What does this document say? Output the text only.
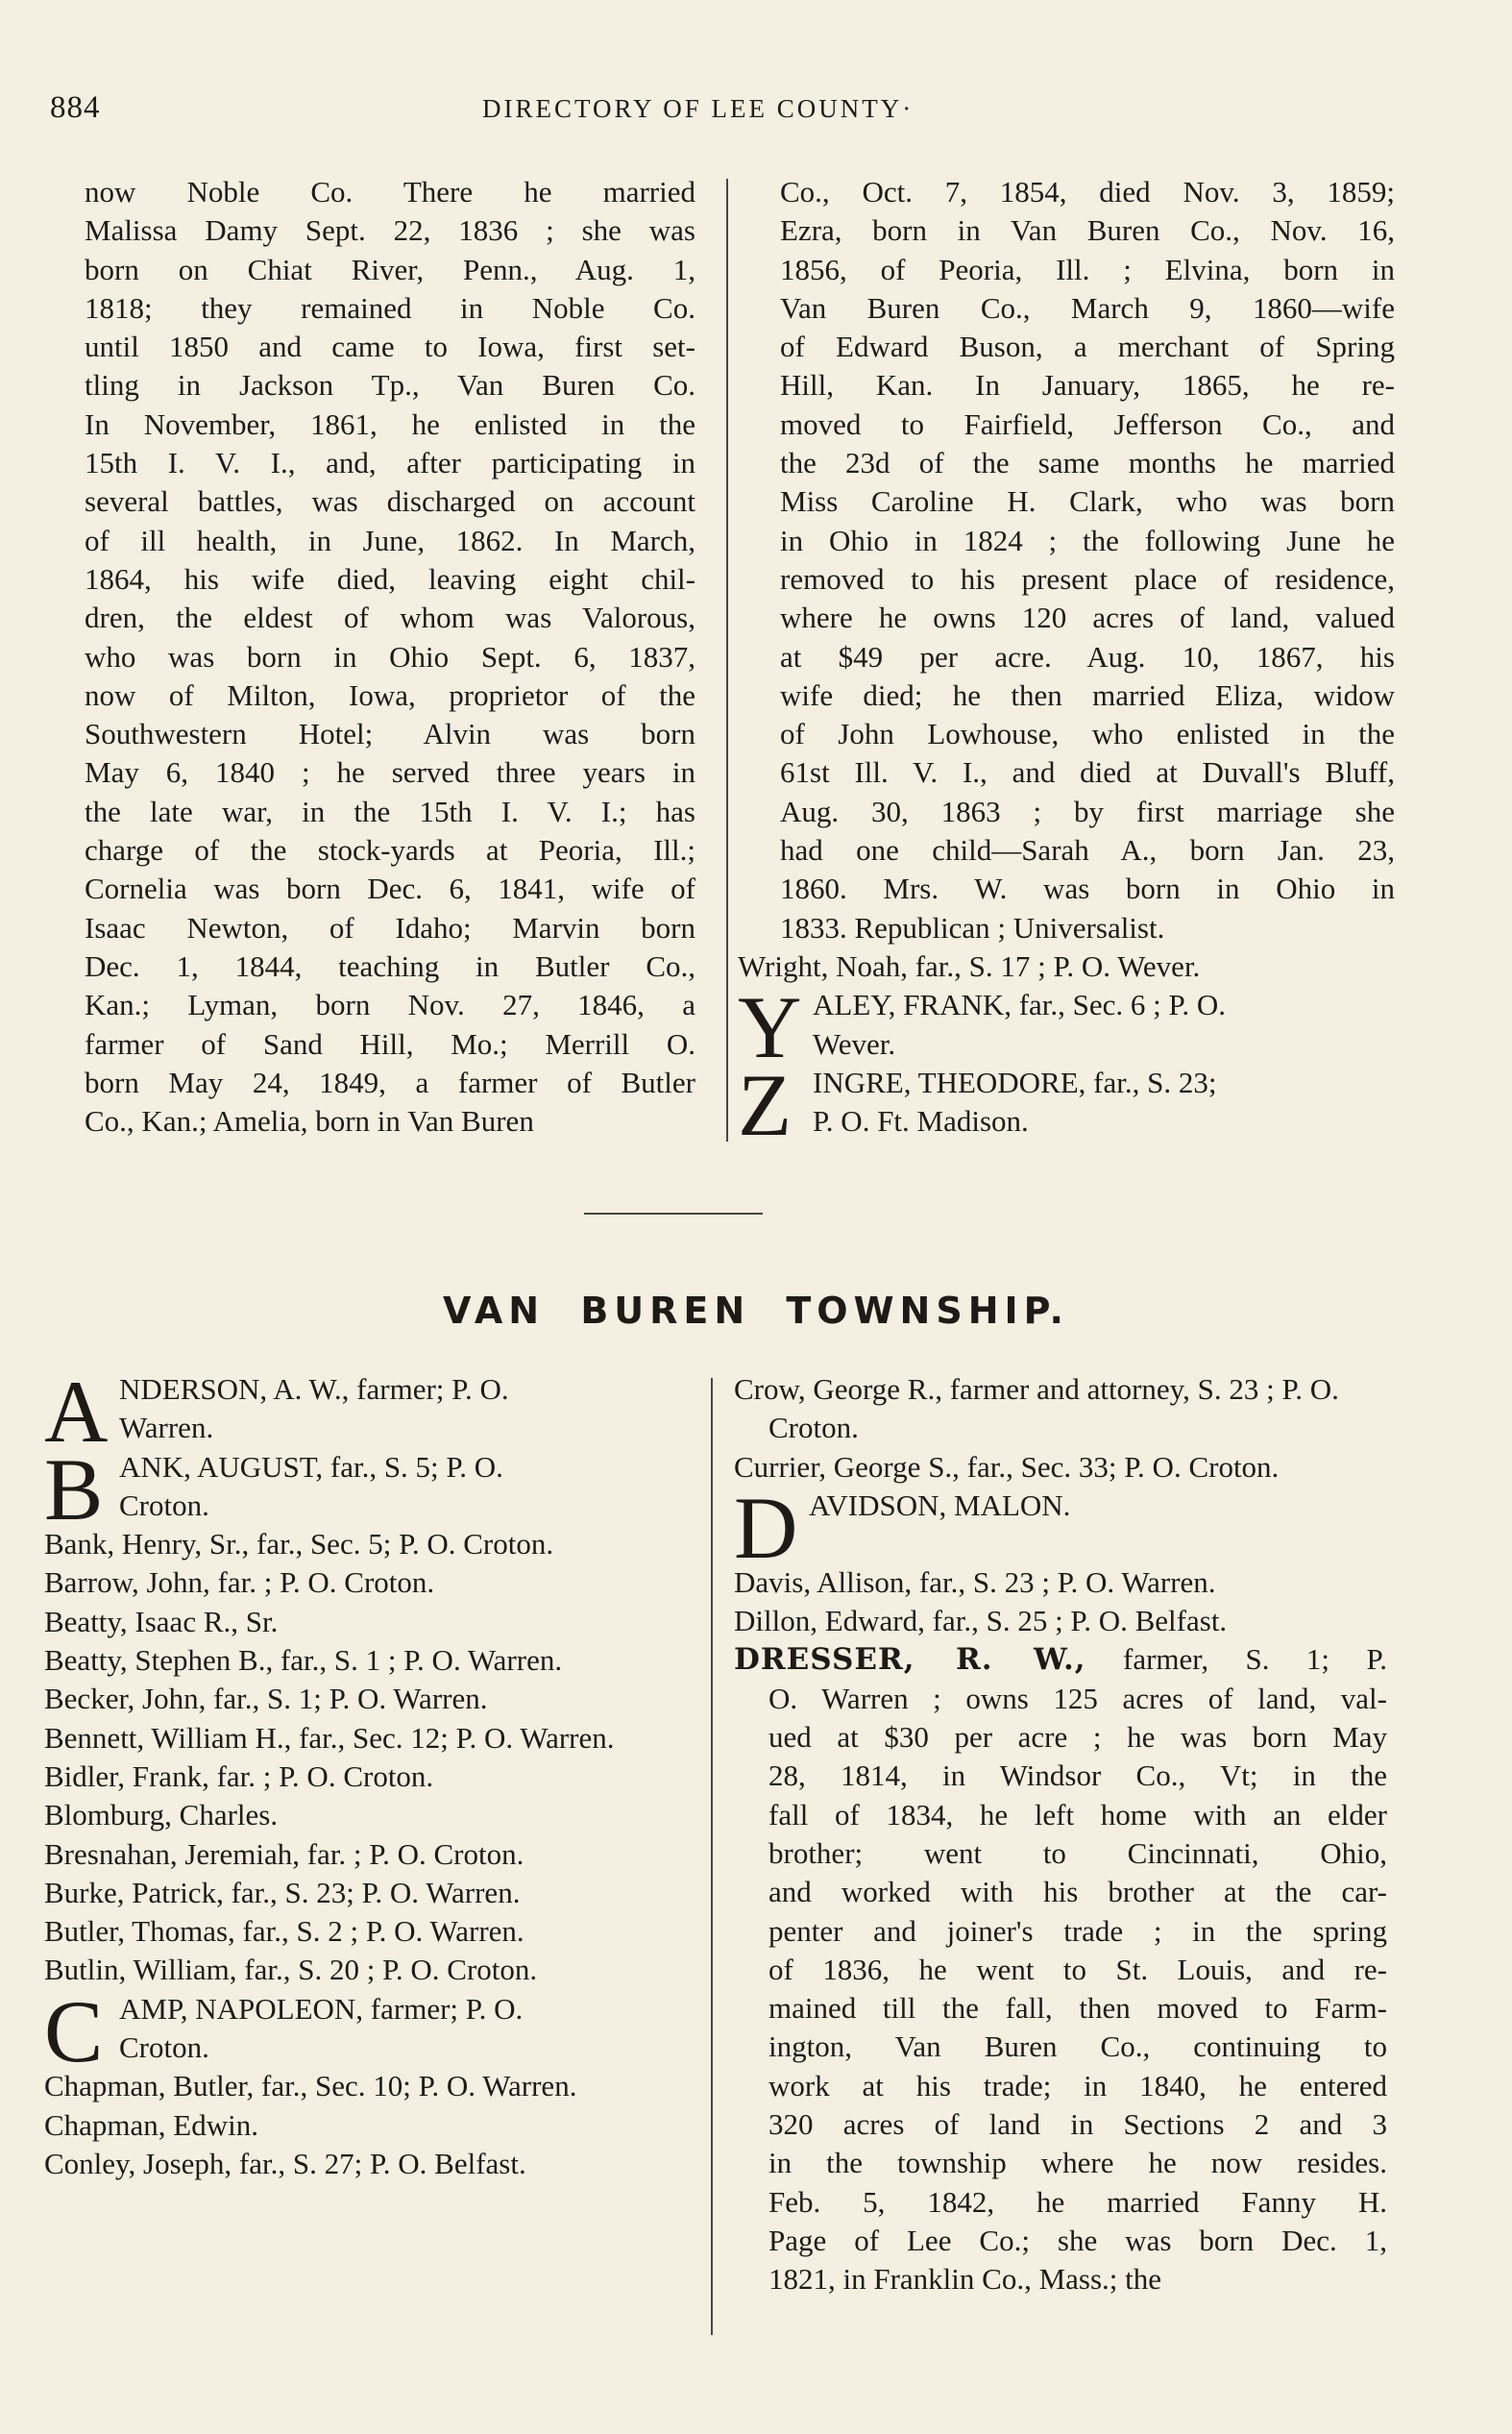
884	DIRECTORY OF LEE COUNTY·

now Noble Co. There he married

Malissa Damy Sept. 22, 1836 ; she was

born on Chiat River, Penn., Aug. 1,

1818; they remained in Noble Co.

until 1850 and came to Iowa, first set-

tling in Jackson Tp., Van Buren Co.

In November, 1861, he enlisted in the

15th I. V. I., and, after participating in

several battles, was discharged on account

of ill health, in June, 1862. In March,

1864, his wife died, leaving eight chil-

dren, the eldest of whom was Valorous,

who was born in Ohio Sept. 6, 1837,

now of Milton, Iowa, proprietor of the

Southwestern Hotel; Alvin was born

May 6, 1840 ; he served three years in

the late war, in the 15th I. V. I.; has

charge of the stock-yards at Peoria, Ill.;

Cornelia was born Dec. 6, 1841, wife of

Isaac Newton, of Idaho; Marvin born

Dec. 1, 1844, teaching in Butler Co.,

Kan.; Lyman, born Nov. 27, 1846, a

farmer of Sand Hill, Mo.; Merrill O.

born May 24, 1849, a farmer of Butler

Co., Kan.; Amelia, born in Van Buren

Co., Oct. 7, 1854, died Nov. 3, 1859;

Ezra, born in Van Buren Co., Nov. 16,

1856, of Peoria, Ill. ; Elvina, born in

Van Buren Co., March 9, 1860—wife

of Edward Buson, a merchant of Spring

Hill, Kan. In January, 1865, he re-

moved to Fairfield, Jefferson Co., and

the 23d of the same months he married

Miss Caroline H. Clark, who was born

in Ohio in 1824 ; the following June he

removed to his present place of residence,

where he owns 120 acres of land, valued

at $49 per acre. Aug. 10, 1867, his

wife died; he then married Eliza, widow

of John Lowhouse, who enlisted in the

61st Ill. V. I., and died at Duvall's Bluff,

Aug. 30, 1863 ; by first marriage she

had one child—Sarah A., born Jan. 23,

1860. Mrs. W. was born in Ohio in

1833. Republican ; Universalist.

Wright, Noah, far., S. 17 ; P. O. Wever.

Y ALEY, FRANK, far., Sec. 6 ; P. O.
Wever.
Z INGRE, THEODORE, far., S. 23;
P. O. Ft. Madison.
VAN BUREN TOWNSHIP.
A NDERSON, A. W., farmer; P. O.
Warren.
B ANK, AUGUST, far., S. 5; P. O.
Croton.

Bank, Henry, Sr., far., Sec. 5; P. O. Croton.

Barrow, John, far. ; P. O. Croton.

Beatty, Isaac R., Sr.

Beatty, Stephen B., far., S. 1 ; P. O. Warren.

Becker, John, far., S. 1; P. O. Warren.

Bennett, William H., far., Sec. 12; P. O. Warren.

Bidler, Frank, far. ; P. O. Croton.

Blomburg, Charles.

Bresnahan, Jeremiah, far. ; P. O. Croton.

Burke, Patrick, far., S. 23; P. O. Warren.

Butler, Thomas, far., S. 2 ; P. O. Warren.

Butlin, William, far., S. 20 ; P. O. Croton.

C AMP, NAPOLEON, farmer; P. O.
Croton.

Chapman, Butler, far., Sec. 10; P. O. Warren.

Chapman, Edwin.

Conley, Joseph, far., S. 27; P. O. Belfast.

Crow, George R., farmer and attorney, S. 23 ; P. O. Croton.

Currier, George S., far., Sec. 33; P. O. Croton.

D AVIDSON, MALON.

Davis, Allison, far., S. 23 ; P. O. Warren.

Dillon, Edward, far., S. 25 ; P. O. Belfast.

DRESSER, R. W., farmer, S. 1; P.

O. Warren ; owns 125 acres of land, val-

ued at $30 per acre ; he was born May

28, 1814, in Windsor Co., Vt; in the

fall of 1834, he left home with an elder

brother; went to Cincinnati, Ohio,

and worked with his brother at the car-

penter and joiner's trade ; in the spring

of 1836, he went to St. Louis, and re-

mained till the fall, then moved to Farm-

ington, Van Buren Co., continuing to

work at his trade; in 1840, he entered

320 acres of land in Sections 2 and 3

in the township where he now resides.

Feb. 5, 1842, he married Fanny H.

Page of Lee Co.; she was born Dec. 1,

1821, in Franklin Co., Mass.; the
